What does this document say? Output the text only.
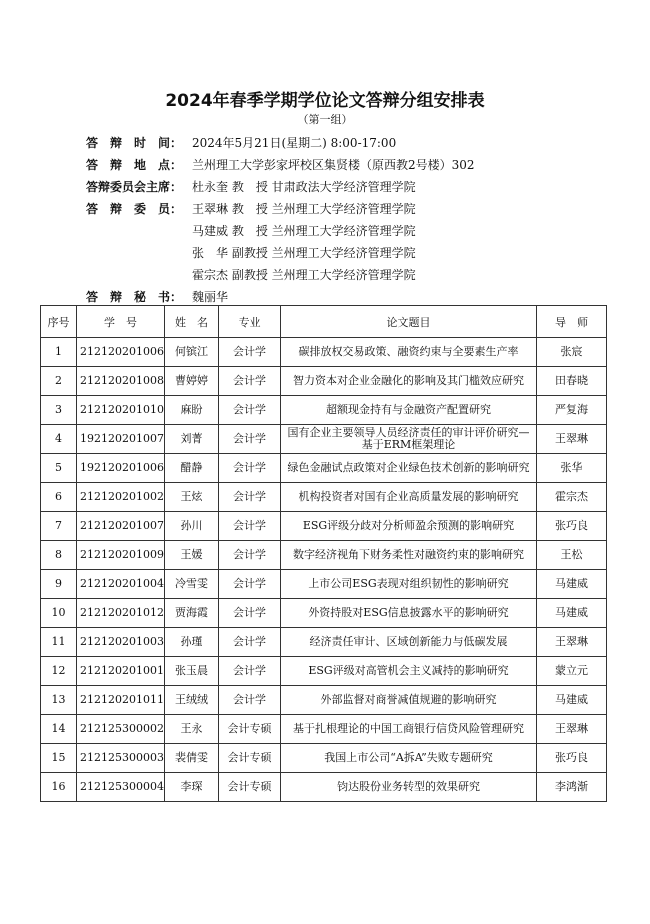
2024年春季学期学位论文答辩分组安排表
（第一组）
答　辩　时　间： 2024年5月21日(星期二) 8:00-17:00
答　辩　地　点： 兰州理工大学彭家坪校区集贤楼（原西教2号楼）302
答辩委员会主席： 杜永奎 教　授 甘肃政法大学经济管理学院
答　辩　委　员： 王翠琳 教　授 兰州理工大学经济管理学院
马建威 教　授 兰州理工大学经济管理学院
张　华 副教授 兰州理工大学经济管理学院
霍宗杰 副教授 兰州理工大学经济管理学院
答　辩　秘　书： 魏丽华
序号	学　号	姓　名	专业	论文题目	导　师
1	212120201006	何镔江	会计学	碳排放权交易政策、融资约束与全要素生产率	张宸
2	212120201008	曹婷婷	会计学	智力资本对企业金融化的影响及其门槛效应研究	田春晓
3	212120201010	麻盼	会计学	超额现金持有与金融资产配置研究	严复海
4	192120201007	刘菁	会计学	国有企业主要领导人员经济责任的审计评价研究—基于ERM框架理论	王翠琳
5	192120201006	醋静	会计学	绿色金融试点政策对企业绿色技术创新的影响研究	张华
6	212120201002	王炫	会计学	机构投资者对国有企业高质量发展的影响研究	霍宗杰
7	212120201007	孙川	会计学	ESG评级分歧对分析师盈余预测的影响研究	张巧良
8	212120201009	王媛	会计学	数字经济视角下财务柔性对融资约束的影响研究	王松
9	212120201004	冷雪雯	会计学	上市公司ESG表现对组织韧性的影响研究	马建威
10	212120201012	贾海霞	会计学	外资持股对ESG信息披露水平的影响研究	马建威
11	212120201003	孙瑾	会计学	经济责任审计、区域创新能力与低碳发展	王翠琳
12	212120201001	张玉晨	会计学	ESG评级对高管机会主义减持的影响研究	蒙立元
13	212120201011	王绒绒	会计学	外部监督对商誉减值规避的影响研究	马建威
14	212125300002	王永	会计专硕	基于扎根理论的中国工商银行信贷风险管理研究	王翠琳
15	212125300003	裴倩雯	会计专硕	我国上市公司“A拆A”失败专题研究	张巧良
16	212125300004	李琛	会计专硕	钧达股份业务转型的效果研究	李鸿渐
